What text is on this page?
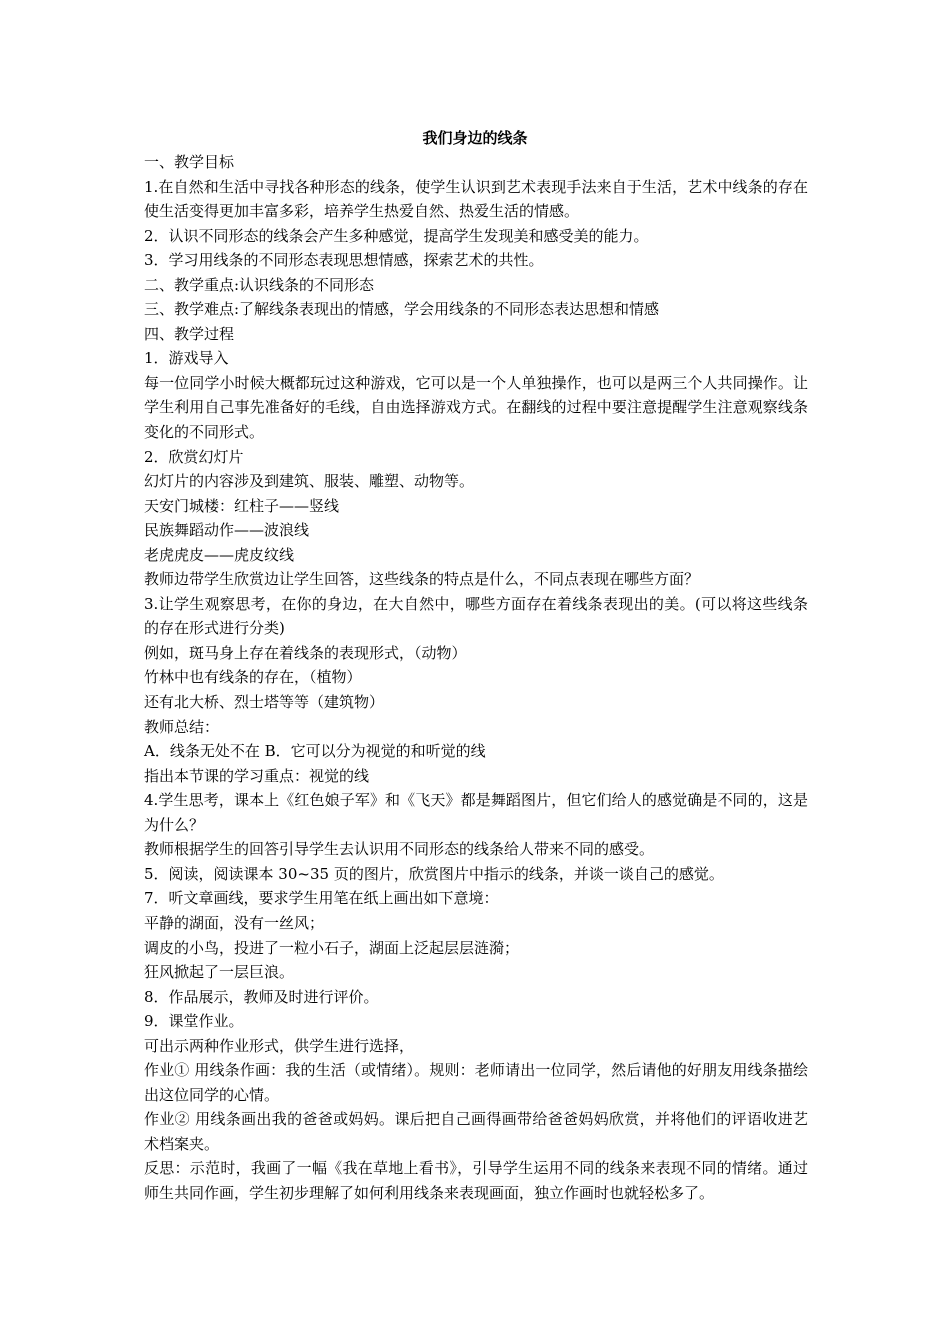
我们身边的线条

一、教学目标

1.在自然和生活中寻找各种形态的线条，使学生认识到艺术表现手法来自于生活，艺术中线条的存在使生活变得更加丰富多彩，培养学生热爱自然、热爱生活的情感。

2．认识不同形态的线条会产生多种感觉，提高学生发现美和感受美的能力。

3．学习用线条的不同形态表现思想情感，探索艺术的共性。

二、教学重点:认识线条的不同形态

三、教学难点:了解线条表现出的情感，学会用线条的不同形态表达思想和情感

四、教学过程

1．游戏导入

每一位同学小时候大概都玩过这种游戏，它可以是一个人单独操作，也可以是两三个人共同操作。让学生利用自己事先准备好的毛线，自由选择游戏方式。在翻线的过程中要注意提醒学生注意观察线条变化的不同形式。

2．欣赏幻灯片

幻灯片的内容涉及到建筑、服装、雕塑、动物等。

天安门城楼：红柱子——竖线

民族舞蹈动作——波浪线

老虎虎皮——虎皮纹线

教师边带学生欣赏边让学生回答，这些线条的特点是什么，不同点表现在哪些方面？

3.让学生观察思考，在你的身边，在大自然中，哪些方面存在着线条表现出的美。(可以将这些线条的存在形式进行分类)

例如，斑马身上存在着线条的表现形式，（动物）

竹林中也有线条的存在，（植物）

还有北大桥、烈士塔等等（建筑物）

教师总结：

A．线条无处不在 B．它可以分为视觉的和听觉的线

指出本节课的学习重点：视觉的线

4.学生思考，课本上《红色娘子军》和《飞天》都是舞蹈图片，但它们给人的感觉确是不同的，这是为什么？

教师根据学生的回答引导学生去认识用不同形态的线条给人带来不同的感受。

5．阅读，阅读课本 30~35 页的图片，欣赏图片中指示的线条，并谈一谈自己的感觉。

7．听文章画线，要求学生用笔在纸上画出如下意境：

平静的湖面，没有一丝风；

调皮的小鸟，投进了一粒小石子，湖面上泛起层层涟漪；

狂风掀起了一层巨浪。

8．作品展示，教师及时进行评价。

9．课堂作业。

可出示两种作业形式，供学生进行选择，

作业① 用线条作画：我的生活（或情绪）。规则：老师请出一位同学，然后请他的好朋友用线条描绘出这位同学的心情。

作业② 用线条画出我的爸爸或妈妈。课后把自己画得画带给爸爸妈妈欣赏，并将他们的评语收进艺术档案夹。

反思：示范时，我画了一幅《我在草地上看书》，引导学生运用不同的线条来表现不同的情绪。通过师生共同作画，学生初步理解了如何利用线条来表现画面，独立作画时也就轻松多了。
